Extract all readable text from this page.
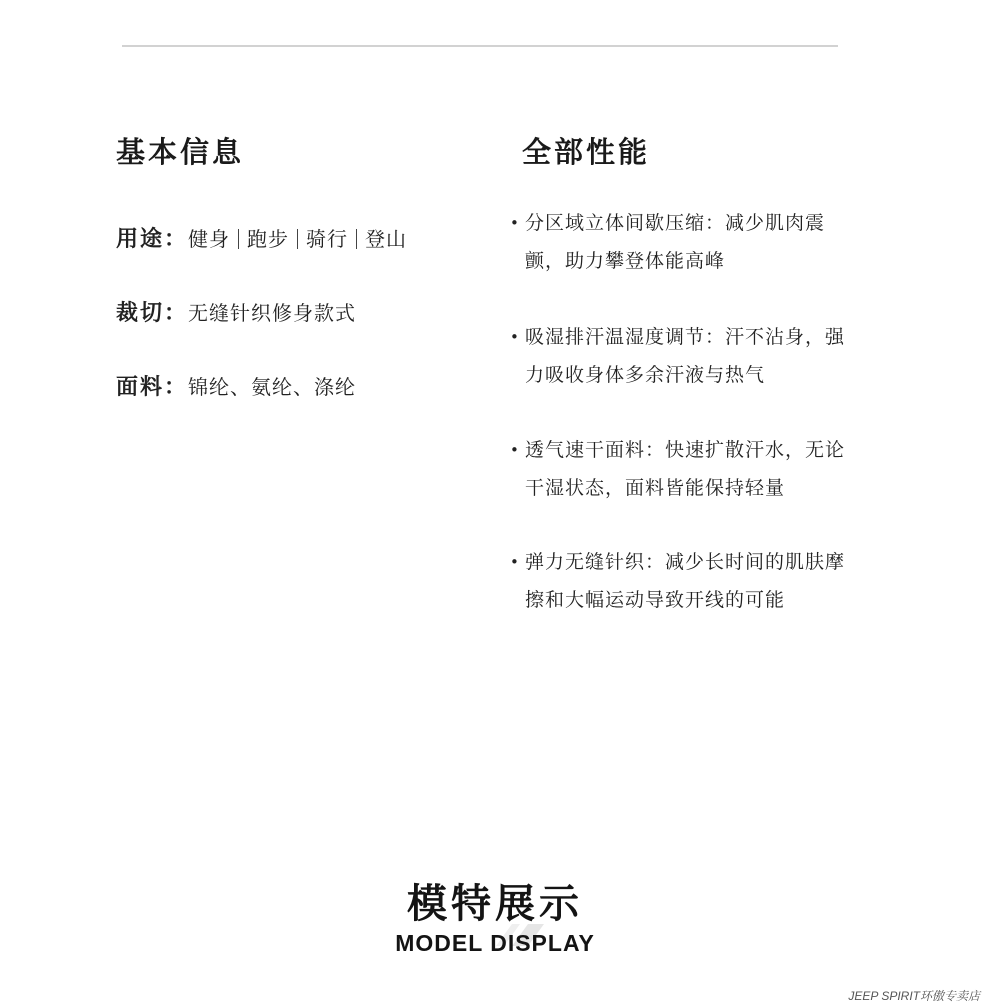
基本信息	全部性能
用途：健身 跑步 骑行 登山
裁切：无缝针织修身款式
面料：锦纶、氨纶、涤纶
• 分区域立体间歇压缩：减少肌肉震颤，助力攀登体能高峰
• 吸湿排汗温湿度调节：汗不沾身，强力吸收身体多余汗液与热气
• 透气速干面料：快速扩散汗水，无论干湿状态，面料皆能保持轻量
• 弹力无缝针织：减少长时间的肌肤摩擦和大幅运动导致开线的可能
模特展示
MODEL DISPLAY
JEEP SPIRIT环傲专卖店
